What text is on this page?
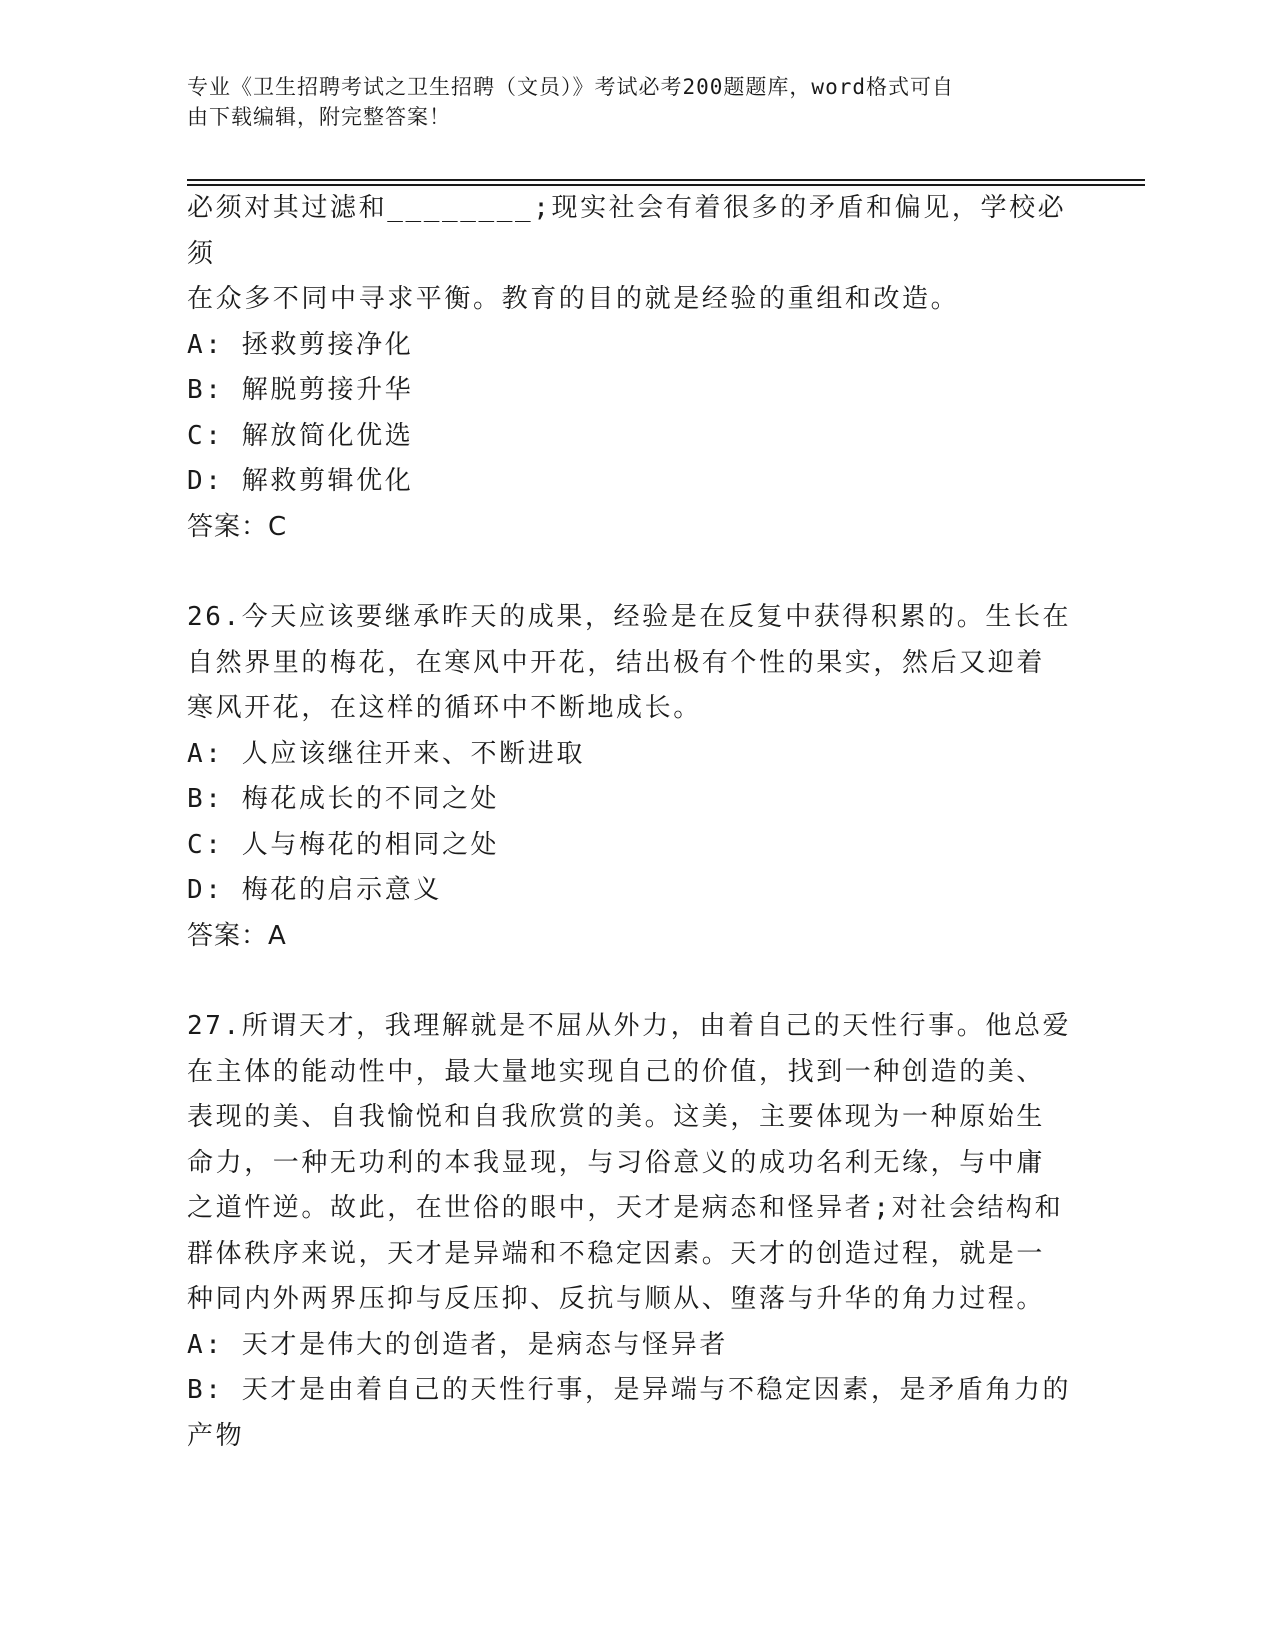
专业《卫生招聘考试之卫生招聘（文员）》考试必考200题题库，word格式可自
由下载编辑，附完整答案！

必须对其过滤和________;现实社会有着很多的矛盾和偏见，学校必须

在众多不同中寻求平衡。教育的目的就是经验的重组和改造。

A: 拯救剪接净化

B: 解脱剪接升华

C: 解放简化优选

D: 解救剪辑优化

答案：C

26.今天应该要继承昨天的成果，经验是在反复中获得积累的。生长在

自然界里的梅花，在寒风中开花，结出极有个性的果实，然后又迎着

寒风开花，在这样的循环中不断地成长。

A: 人应该继往开来、不断进取

B: 梅花成长的不同之处

C: 人与梅花的相同之处

D: 梅花的启示意义

答案：A

27.所谓天才，我理解就是不屈从外力，由着自己的天性行事。他总爱

在主体的能动性中，最大量地实现自己的价值，找到一种创造的美、

表现的美、自我愉悦和自我欣赏的美。这美，主要体现为一种原始生

命力，一种无功利的本我显现，与习俗意义的成功名利无缘，与中庸

之道忤逆。故此，在世俗的眼中，天才是病态和怪异者;对社会结构和

群体秩序来说，天才是异端和不稳定因素。天才的创造过程，就是一

种同内外两界压抑与反压抑、反抗与顺从、堕落与升华的角力过程。

A: 天才是伟大的创造者，是病态与怪异者

B: 天才是由着自己的天性行事，是异端与不稳定因素，是矛盾角力的

产物
